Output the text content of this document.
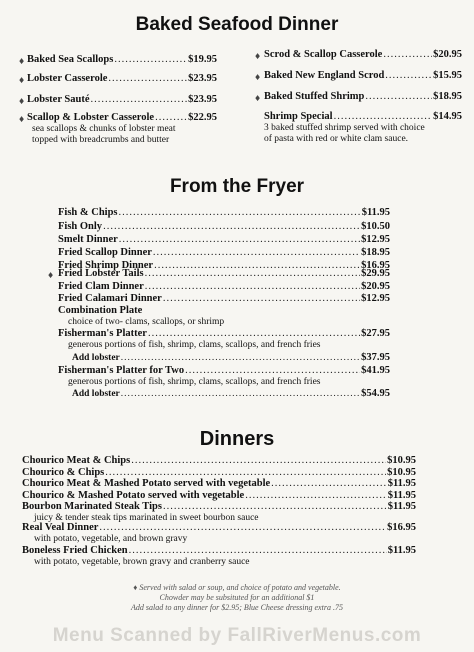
Baked Seafood Dinner
♦ Baked Sea Scallops .....	$19.95
♦ Lobster Casserole .....	$23.95
♦ Lobster Sauté .....	$23.95
♦ Scallop & Lobster Casserole .....	$22.95
sea scallops & chunks of lobster meat
topped with breadcrumbs and butter
♦ Scrod & Scallop Casserole .....	$20.95
♦ Baked New England Scrod .....	$15.95
♦ Baked Stuffed Shrimp .....	$18.95
Shrimp Special .....	$14.95
3 baked stuffed shrimp served with choice
of pasta with red or white clam sauce.
From the Fryer
Fish & Chips .....	$11.95
Fish Only .....	$10.50
Smelt Dinner .....	$12.95
Fried Scallop Dinner .....	$18.95
Fried Shrimp Dinner .....	$16.95
♦ Fried Lobster Tails .....	$29.95
Fried Clam Dinner .....	$20.95
Fried Calamari Dinner .....	$12.95
Combination Plate
choice of two- clams, scallops, or shrimp
Fisherman's Platter .....	$27.95
generous portions of fish, shrimp, clams, scallops, and french fries
Add lobster .....	$37.95
Fisherman's Platter for Two .....	$41.95
generous portions of fish, shrimp, clams, scallops, and french fries
Add lobster .....	$54.95
Dinners
Chourico Meat & Chips .....	$10.95
Chourico & Chips .....	$10.95
Chourico Meat & Mashed Potato served with vegetable .....	$11.95
Chourico & Mashed Potato served with vegetable .....	$11.95
Bourbon Marinated Steak Tips .....	$11.95
juicy & tender steak tips marinated in sweet bourbon sauce
Real Veal Dinner .....	$16.95
with potato, vegetable, and brown gravy
Boneless Fried Chicken .....	$11.95
with potato, vegetable, brown gravy and cranberry sauce
♦ Served with salad or soup, and choice of potato and vegetable.
Chowder may be subsituted for an additional $1
Add salad to any dinner for $2.95; Blue Cheese dressing extra .75
Menu Scanned by FallRiverMenus.com
